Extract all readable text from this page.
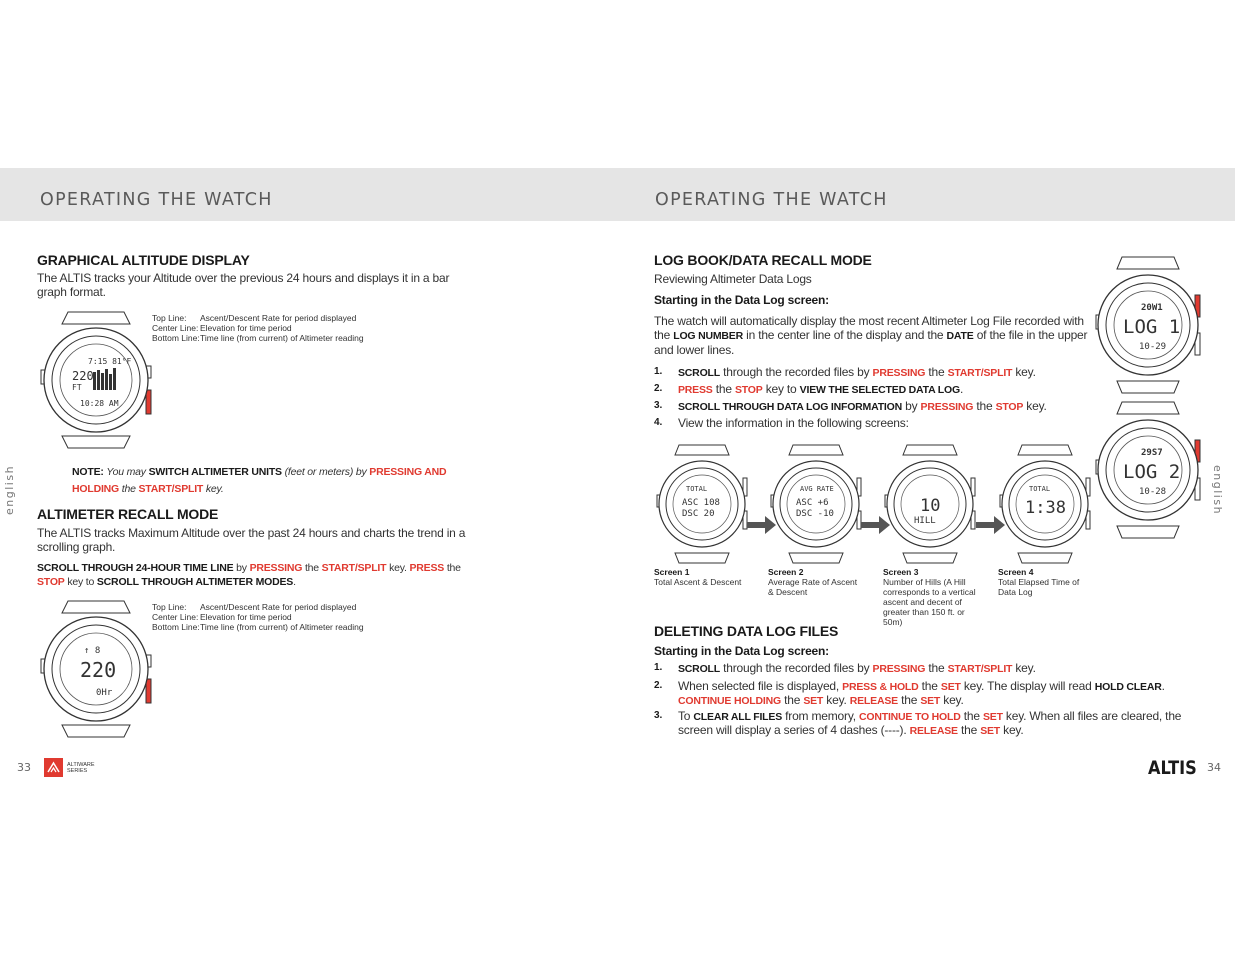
OPERATING THE WATCH
GRAPHICAL ALTITUDE DISPLAY
The ALTIS tracks your Altitude over the previous 24 hours and displays it in a bar graph format.
7:15 81°F
220
FT
10:28 AM
Top Line: Ascent/Descent Rate for period displayed
Center Line: Elevation for time period
Bottom Line:Time line (from current) of Altimeter reading
NOTE: You may SWITCH ALTIMETER UNITS (feet or meters) by PRESSING AND HOLDING the START/SPLIT key.
ALTIMETER RECALL MODE
The ALTIS tracks Maximum Altitude over the past 24 hours and charts the trend in a scrolling graph.
SCROLL THROUGH 24-HOUR TIME LINE by PRESSING the START/SPLIT key. PRESS the STOP key to SCROLL THROUGH ALTIMETER MODES.
↑ 8
220
0Hr
Top Line: Ascent/Descent Rate for period displayed
Center Line: Elevation for time period
Bottom Line:Time line (from current) of Altimeter reading
english
33	ALTIWARE SERIES
OPERATING THE WATCH
LOG BOOK/DATA RECALL MODE
Reviewing Altimeter Data Logs
Starting in the Data Log screen:
The watch will automatically display the most recent Altimeter Log File recorded with the LOG NUMBER in the center line of the display and the DATE of the file in the upper and lower lines.
1. SCROLL through the recorded files by PRESSING the START/SPLIT key.
2. PRESS the STOP key to VIEW THE SELECTED DATA LOG.
3. SCROLL THROUGH DATA LOG INFORMATION by PRESSING the STOP key.
4. View the information in the following screens:
20W1
LOG 1
10-29
29S7
LOG 2
10-28
TOTAL
ASC 108
DSC 20
AVG RATE
ASC +6
DSC -10	10
HILL
TOTAL
1:38
Screen 1
Total Ascent & Descent
Screen 2
Average Rate of Ascent & Descent
Screen 3
Number of Hills (A Hill corresponds to a vertical ascent and decent of greater than 150 ft. or 50m)
Screen 4
Total Elapsed Time of Data Log
DELETING DATA LOG FILES
Starting in the Data Log screen:
1. SCROLL through the recorded files by PRESSING the START/SPLIT key.
2. When selected file is displayed, PRESS & HOLD the SET key. The display will read HOLD CLEAR.
CONTINUE HOLDING the SET key. RELEASE the SET key.
3. To CLEAR ALL FILES from memory, CONTINUE TO HOLD the SET key. When all files are cleared, the
screen will display a series of 4 dashes (----). RELEASE the SET key.
english
ALTIS 34
